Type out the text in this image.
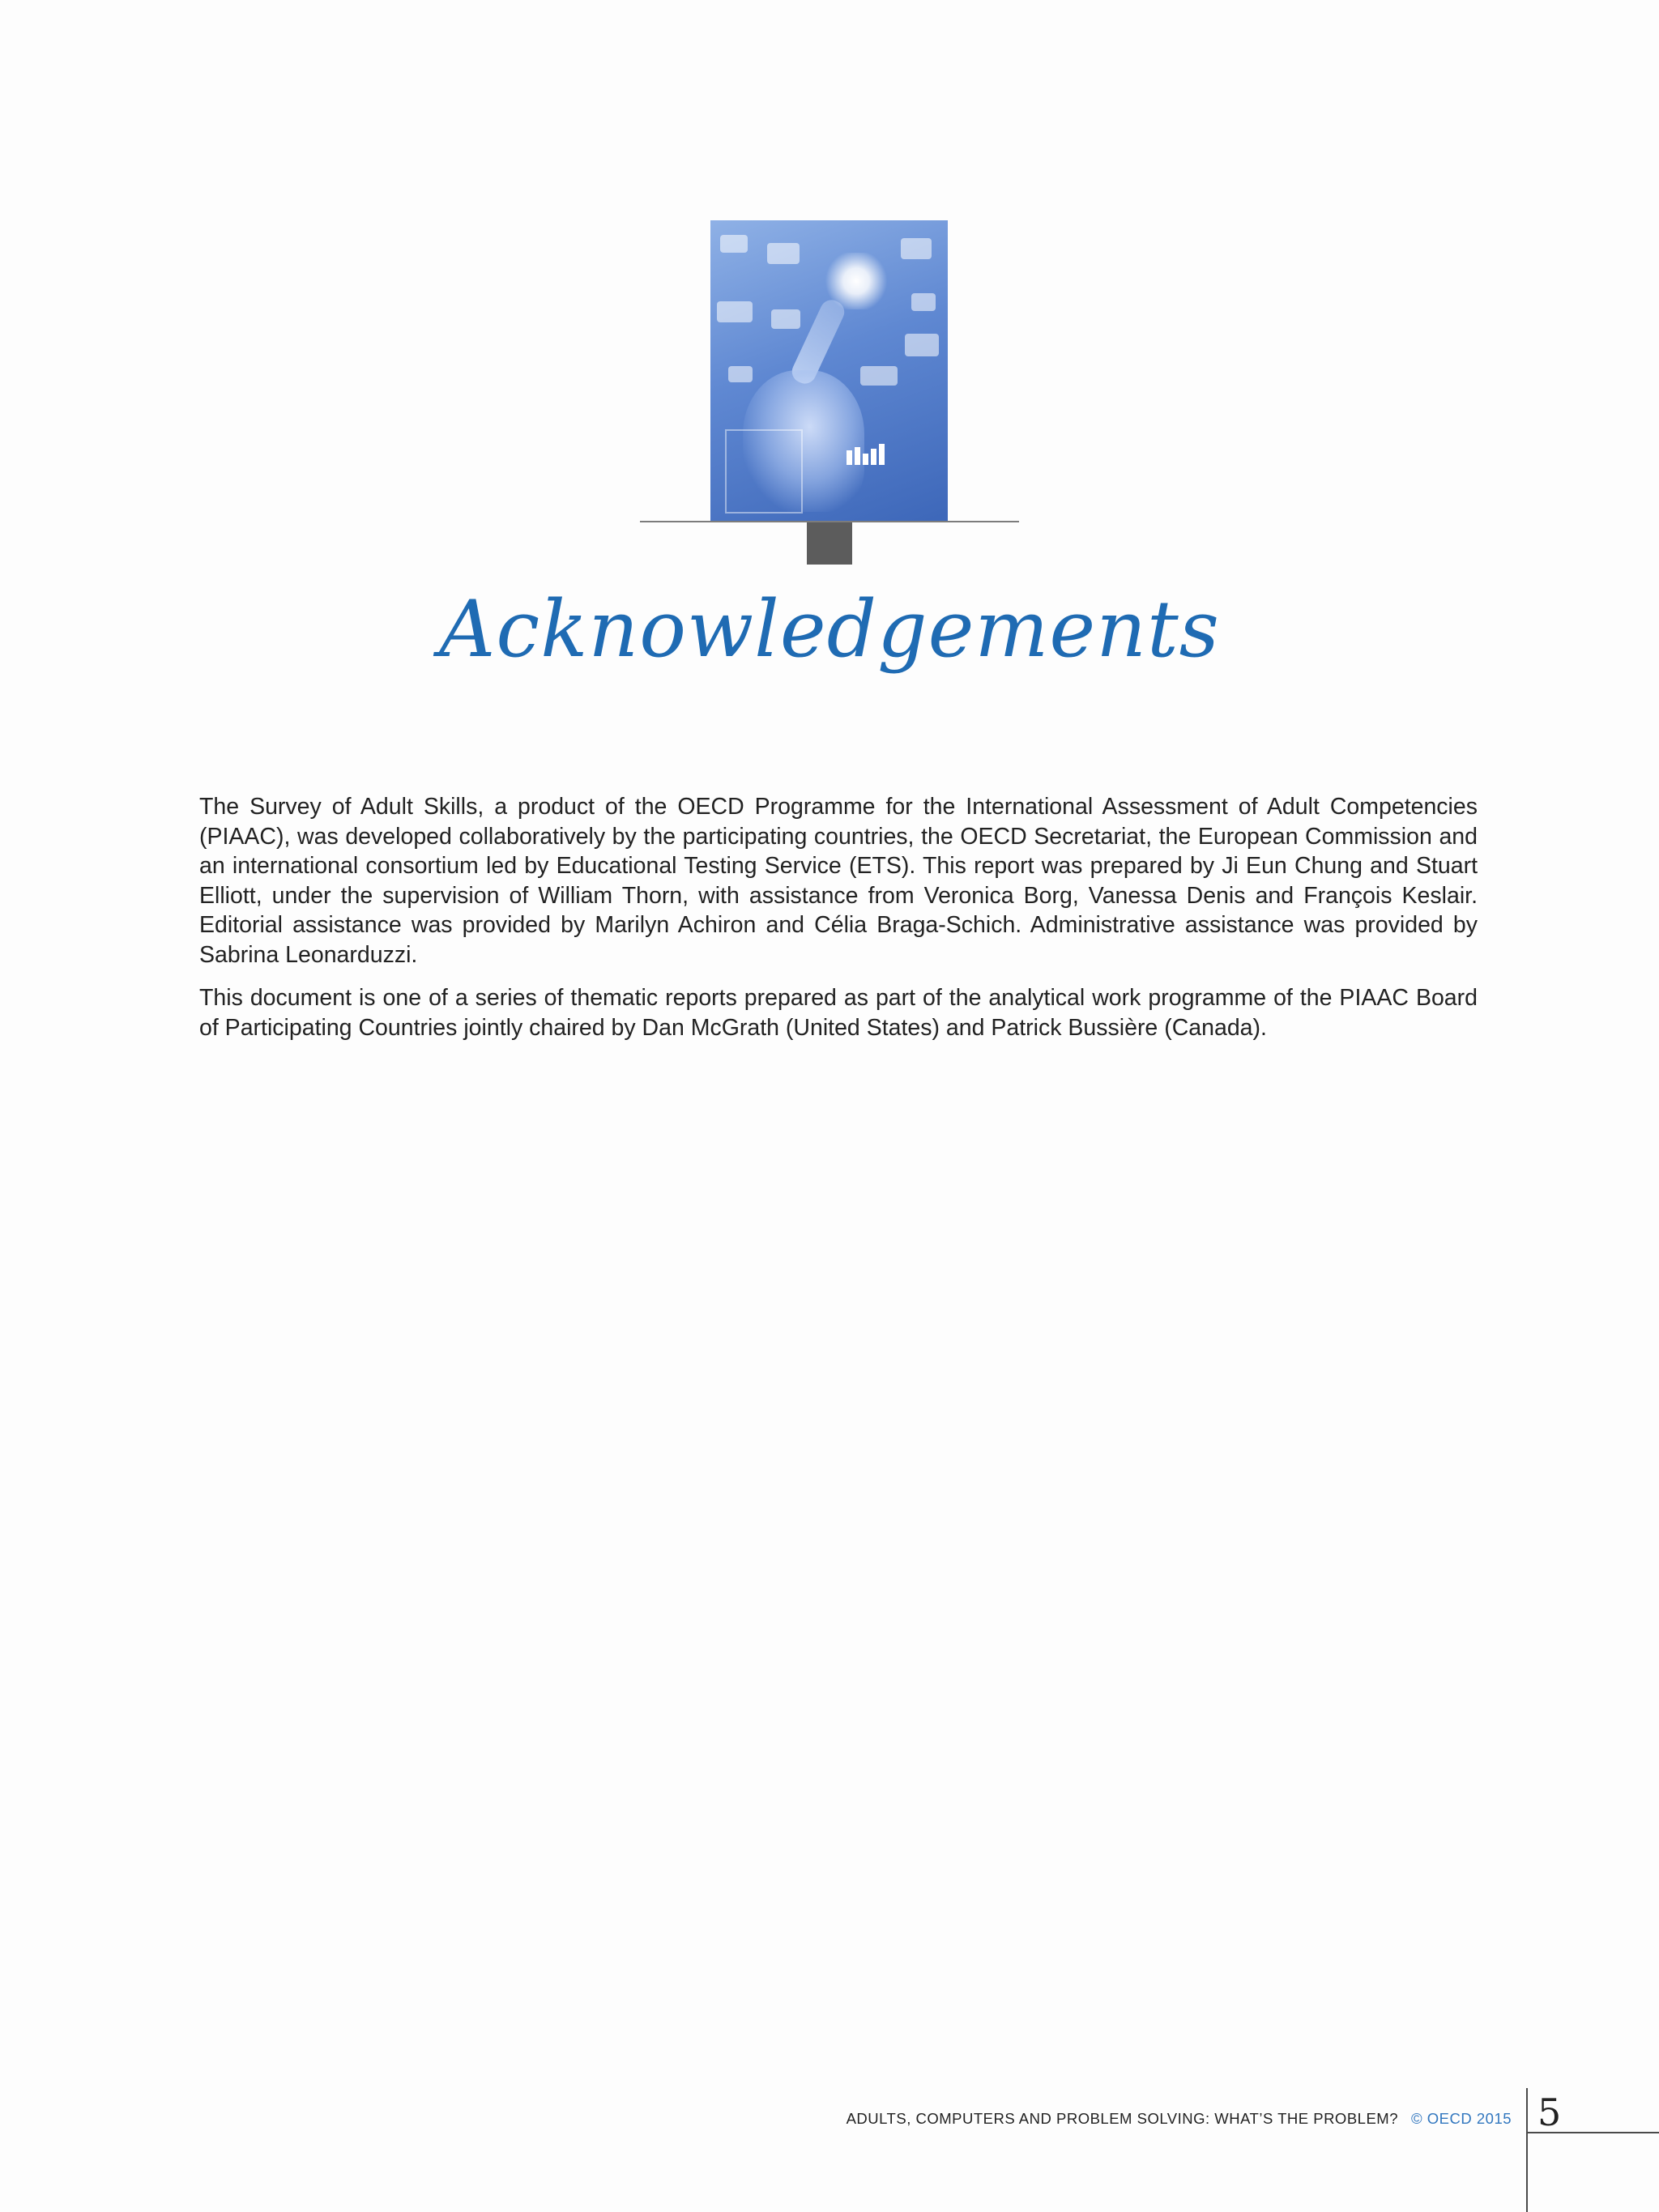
Acknowledgements

The Survey of Adult Skills, a product of the OECD Programme for the International Assessment of Adult Competencies (PIAAC), was developed collaboratively by the participating countries, the OECD Secretariat, the European Commission and an international consortium led by Educational Testing Service (ETS). This report was prepared by Ji Eun Chung and Stuart Elliott, under the supervision of William Thorn, with assistance from Veronica Borg, Vanessa Denis and François Keslair. Editorial assistance was provided by Marilyn Achiron and Célia Braga-Schich. Administrative assistance was provided by Sabrina Leonarduzzi.

This document is one of a series of thematic reports prepared as part of the analytical work programme of the PIAAC Board of Participating Countries jointly chaired by Dan McGrath (United States) and Patrick Bussière (Canada).

ADULTS, COMPUTERS AND PROBLEM SOLVING: WHAT’S THE PROBLEM? © OECD 2015 5
